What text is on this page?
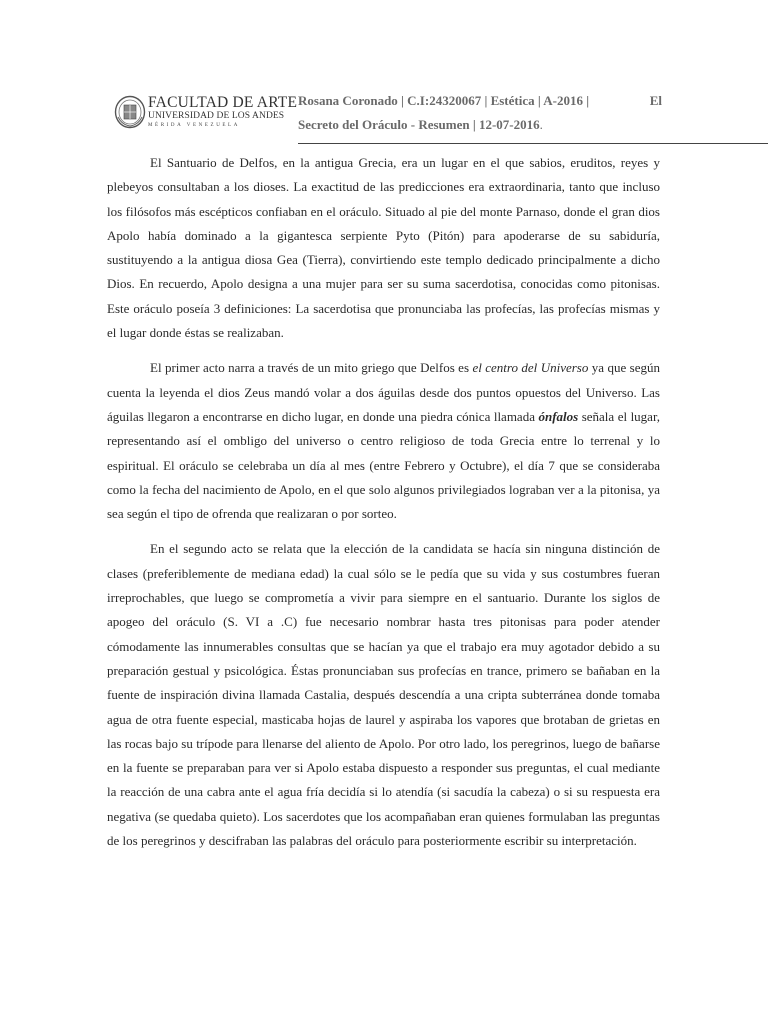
FACULTAD DE ARTE
UNIVERSIDAD DE LOS ANDES
MÉRIDA VENEZUELA
Rosana Coronado | C.I:24320067 | Estética | A-2016 |	El
Secreto del Oráculo - Resumen | 12-07-2016.

El Santuario de Delfos, en la antigua Grecia, era un lugar en el que sabios, eruditos, reyes y plebeyos consultaban a los dioses. La exactitud de las predicciones era extraordinaria, tanto que incluso los filósofos más escépticos confiaban en el oráculo. Situado al pie del monte Parnaso, donde el gran dios Apolo había dominado a la gigantesca serpiente Pyto (Pitón) para apoderarse de su sabiduría, sustituyendo a la antigua diosa Gea (Tierra), convirtiendo este templo dedicado principalmente a dicho Dios. En recuerdo, Apolo designa a una mujer para ser su suma sacerdotisa, conocidas como pitonisas. Este oráculo poseía 3 definiciones: La sacerdotisa que pronunciaba las profecías, las profecías mismas y el lugar donde éstas se realizaban.

El primer acto narra a través de un mito griego que Delfos es el centro del Universo ya que según cuenta la leyenda el dios Zeus mandó volar a dos águilas desde dos puntos opuestos del Universo. Las águilas llegaron a encontrarse en dicho lugar, en donde una piedra cónica llamada ónfalos señala el lugar, representando así el ombligo del universo o centro religioso de toda Grecia entre lo terrenal y lo espiritual. El oráculo se celebraba un día al mes (entre Febrero y Octubre), el día 7 que se consideraba como la fecha del nacimiento de Apolo, en el que solo algunos privilegiados lograban ver a la pitonisa, ya sea según el tipo de ofrenda que realizaran o por sorteo.

En el segundo acto se relata que la elección de la candidata se hacía sin ninguna distinción de clases (preferiblemente de mediana edad) la cual sólo se le pedía que su vida y sus costumbres fueran irreprochables, que luego se comprometía a vivir para siempre en el santuario. Durante los siglos de apogeo del oráculo (S. VI a .C) fue necesario nombrar hasta tres pitonisas para poder atender cómodamente las innumerables consultas que se hacían ya que el trabajo era muy agotador debido a su preparación gestual y psicológica. Éstas pronunciaban sus profecías en trance, primero se bañaban en la fuente de inspiración divina llamada Castalia, después descendía a una cripta subterránea donde tomaba agua de otra fuente especial, masticaba hojas de laurel y aspiraba los vapores que brotaban de grietas en las rocas bajo su trípode para llenarse del aliento de Apolo. Por otro lado, los peregrinos, luego de bañarse en la fuente se preparaban para ver si Apolo estaba dispuesto a responder sus preguntas, el cual mediante la reacción de una cabra ante el agua fría decidía si lo atendía (si sacudía la cabeza) o si su respuesta era negativa (se quedaba quieto). Los sacerdotes que los acompañaban eran quienes formulaban las preguntas de los peregrinos y descifraban las palabras del oráculo para posteriormente escribir su interpretación.
